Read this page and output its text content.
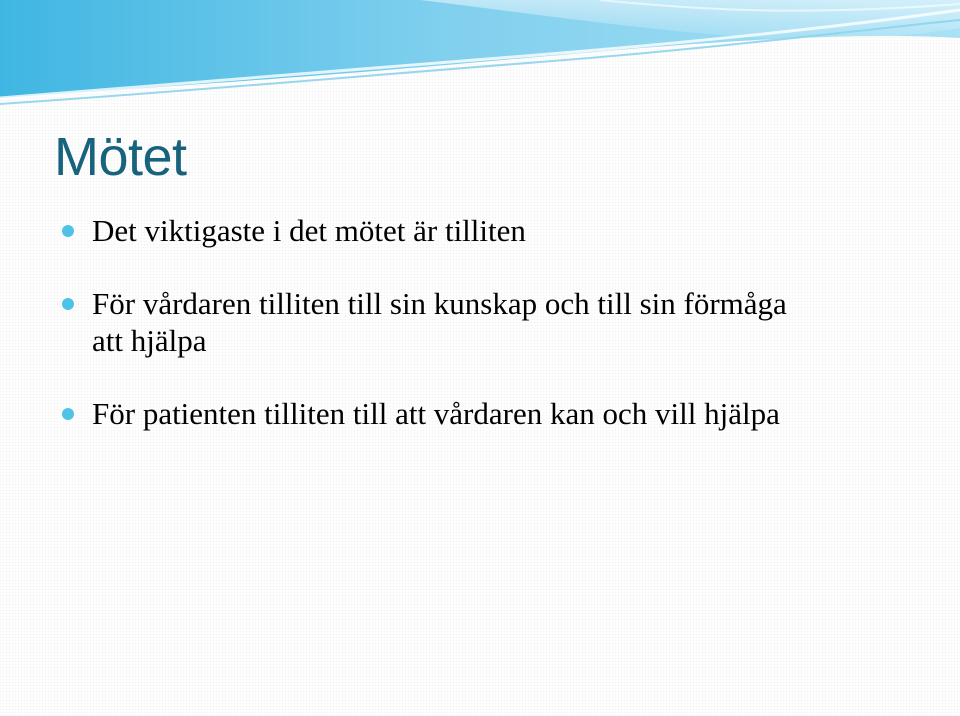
Mötet
Det viktigaste i det mötet är tilliten
För vårdaren tilliten till sin kunskap och till sin förmåga att hjälpa
För patienten tilliten till att vårdaren kan och vill hjälpa
